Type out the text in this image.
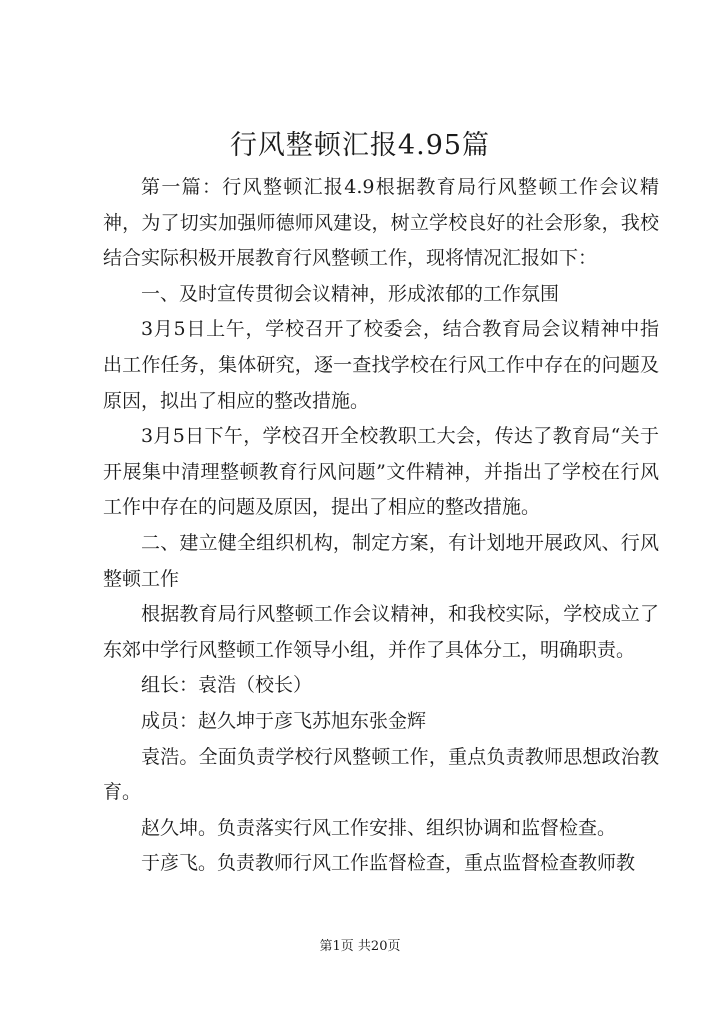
行风整顿汇报4.95篇

第一篇：行风整顿汇报4.9根据教育局行风整顿工作会议精神，为了切实加强师德师风建设，树立学校良好的社会形象，我校结合实际积极开展教育行风整顿工作，现将情况汇报如下：

一、及时宣传贯彻会议精神，形成浓郁的工作氛围

3月5日上午，学校召开了校委会，结合教育局会议精神中指出工作任务，集体研究，逐一查找学校在行风工作中存在的问题及原因，拟出了相应的整改措施。

3月5日下午，学校召开全校教职工大会，传达了教育局“关于开展集中清理整顿教育行风问题”文件精神，并指出了学校在行风工作中存在的问题及原因，提出了相应的整改措施。

二、建立健全组织机构，制定方案，有计划地开展政风、行风整顿工作

根据教育局行风整顿工作会议精神，和我校实际，学校成立了东郊中学行风整顿工作领导小组，并作了具体分工，明确职责。

组长：袁浩（校长）

成员：赵久坤于彦飞苏旭东张金辉

袁浩。全面负责学校行风整顿工作，重点负责教师思想政治教育。

赵久坤。负责落实行风工作安排、组织协调和监督检查。

于彦飞。负责教师行风工作监督检查，重点监督检查教师教

第1页 共20页
